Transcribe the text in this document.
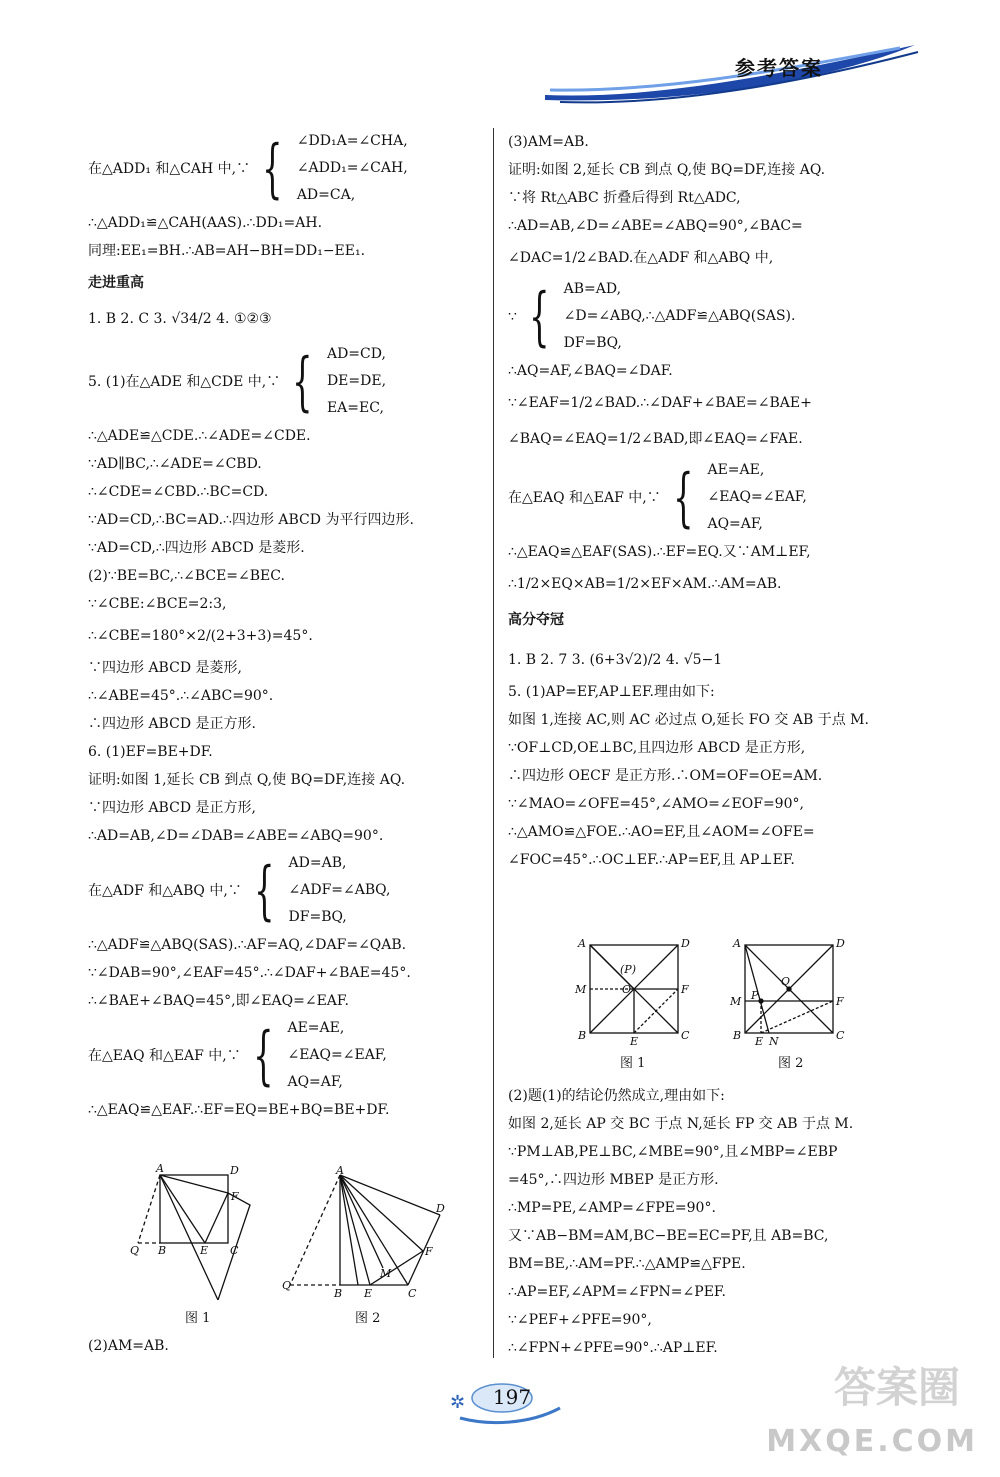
参考答案
在△ADD₁ 和△CAH 中,∵ { ∠DD₁A=∠CHA,
∠ADD₁=∠CAH,
AD=CA,
∴△ADD₁≌△CAH(AAS).∴DD₁=AH.
同理:EE₁=BH.∴AB=AH−BH=DD₁−EE₁.
走进重高
1. B 2. C 3. √34/2 4. ①②③
5. (1)在△ADE 和△CDE 中,∵ { AD=CD,
DE=DE,
EA=EC,
∴△ADE≌△CDE.∴∠ADE=∠CDE.
∵AD∥BC,∴∠ADE=∠CBD.
∴∠CDE=∠CBD.∴BC=CD.
∵AD=CD,∴BC=AD.∴四边形 ABCD 为平行四边形.
∵AD=CD,∴四边形 ABCD 是菱形.
(2)∵BE=BC,∴∠BCE=∠BEC.
∵∠CBE:∠BCE=2:3,
∴∠CBE=180°×2/(2+3+3)=45°.
∵四边形 ABCD 是菱形,
∴∠ABE=45°.∴∠ABC=90°.
∴四边形 ABCD 是正方形.
6. (1)EF=BE+DF.
证明:如图 1,延长 CB 到点 Q,使 BQ=DF,连接 AQ.
∵四边形 ABCD 是正方形,
∴AD=AB,∠D=∠DAB=∠ABE=∠ABQ=90°.
在△ADF 和△ABQ 中,∵ { AD=AB,
∠ADF=∠ABQ,
DF=BQ,
∴△ADF≌△ABQ(SAS).∴AF=AQ,∠DAF=∠QAB.
∵∠DAB=90°,∠EAF=45°.∴∠DAF+∠BAE=45°.
∴∠BAE+∠BAQ=45°,即∠EAQ=∠EAF.
在△EAQ 和△EAF 中,∵ { AE=AE,
∠EAQ=∠EAF,
AQ=AF,
∴△EAQ≌△EAF.∴EF=EQ=BE+BQ=BE+DF.
A	D
F
Q B	E C
图 1
A
D
F
M
Q
B E	C
图 2
(2)AM=AB.
(3)AM=AB.
证明:如图 2,延长 CB 到点 Q,使 BQ=DF,连接 AQ.
∵将 Rt△ABC 折叠后得到 Rt△ADC,
∴AD=AB,∠D=∠ABE=∠ABQ=90°,∠BAC=
∠DAC=1/2∠BAD.在△ADF 和△ABQ 中,
∵ { AB=AD,
∠D=∠ABQ,∴△ADF≌△ABQ(SAS).
DF=BQ,
∴AQ=AF,∠BAQ=∠DAF.
∵∠EAF=1/2∠BAD.∴∠DAF+∠BAE=∠BAE+
∠BAQ=∠EAQ=1/2∠BAD,即∠EAQ=∠FAE.
在△EAQ 和△EAF 中,∵ { AE=AE,
∠EAQ=∠EAF,
AQ=AF,
∴△EAQ≌△EAF(SAS).∴EF=EQ.又∵AM⊥EF,
∴1/2×EQ×AB=1/2×EF×AM.∴AM=AB.
高分夺冠
1. B 2. 7 3. (6+3√2)/2 4. √5−1
5. (1)AP=EF,AP⊥EF.理由如下:
如图 1,连接 AC,则 AC 必过点 O,延长 FO 交 AB 于点 M.
∵OF⊥CD,OE⊥BC,且四边形 ABCD 是正方形,
∴四边形 OECF 是正方形.∴OM=OF=OE=AM.
∵∠MAO=∠OFE=45°,∠AMO=∠EOF=90°,
∴△AMO≌△FOE.∴AO=EF,且∠AOM=∠OFE=
∠FOC=45°.∴OC⊥EF.∴AP=EF,且 AP⊥EF.
A	D
(P)
O
M	F
B	E	C
图 1
A	D
O
P
M	F
B E N	C
图 2
(2)题(1)的结论仍然成立,理由如下:
如图 2,延长 AP 交 BC 于点 N,延长 FP 交 AB 于点 M.
∵PM⊥AB,PE⊥BC,∠MBE=90°,且∠MBP=∠EBP
=45°,∴四边形 MBEP 是正方形.
∴MP=PE,∠AMP=∠FPE=90°.
又∵AB−BM=AM,BC−BE=EC=PF,且 AB=BC,
BM=BE,∴AM=PF.∴△AMP≌△FPE.
∴AP=EF,∠APM=∠FPN=∠PEF.
∵∠PEF+∠PFE=90°,
∴∠FPN+∠PFE=90°.∴AP⊥EF.
✲	197	答案圈
MXQE.COM
